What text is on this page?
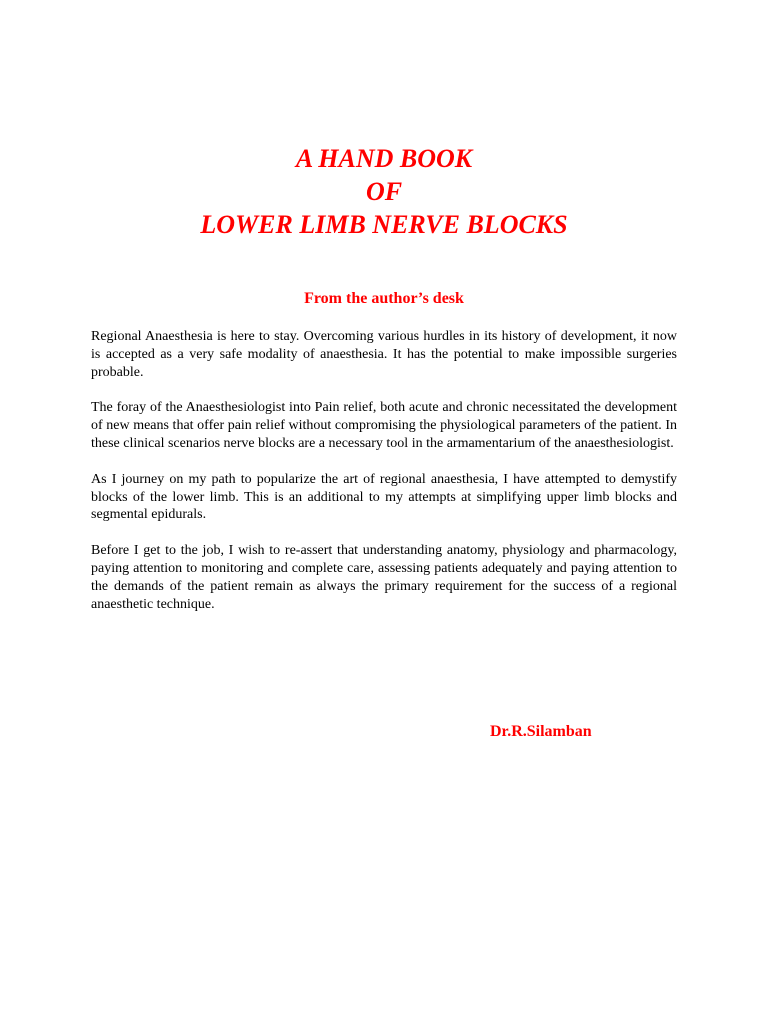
A HAND BOOK
OF
LOWER LIMB NERVE BLOCKS
From the author’s desk

Regional Anaesthesia is here to stay. Overcoming various hurdles in its history of development, it now is accepted as a very safe modality of anaesthesia. It has the potential to make impossible surgeries probable.

The foray of the Anaesthesiologist into Pain relief, both acute and chronic necessitated the development of new means that offer pain relief without compromising the physiological parameters of the patient. In these clinical scenarios nerve blocks are a necessary tool in the armamentarium of the anaesthesiologist.

As I journey on my path to popularize the art of regional anaesthesia, I have attempted to demystify blocks of the lower limb. This is an additional to my attempts at simplifying upper limb blocks and segmental epidurals.

Before I get to the job, I wish to re-assert that understanding anatomy, physiology and pharmacology, paying attention to monitoring and complete care, assessing patients adequately and paying attention to the demands of the patient remain as always the primary requirement for the success of a regional anaesthetic technique.

Dr.R.Silamban
